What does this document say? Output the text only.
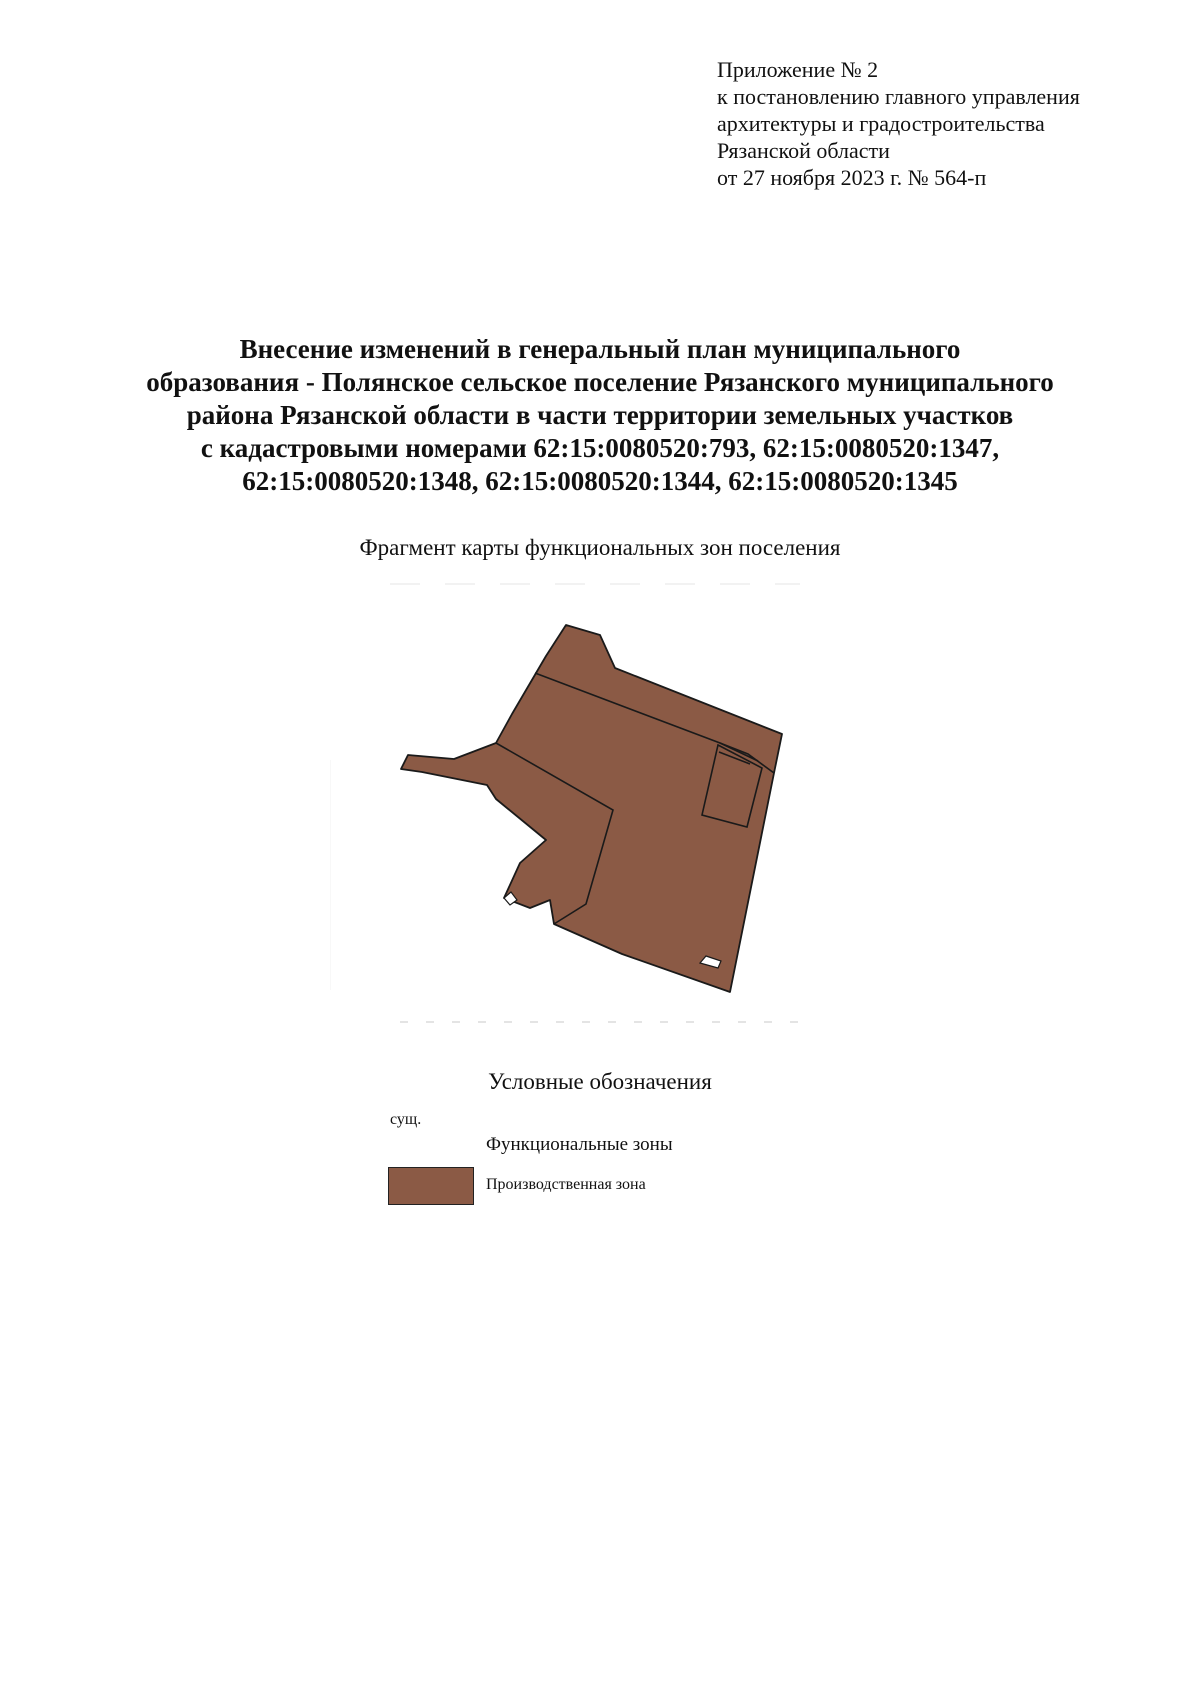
Приложение № 2
к постановлению главного управления
архитектуры и градостроительства
Рязанской области
от 27 ноября 2023 г. № 564-п
Внесение изменений в генеральный план муниципального
образования - Полянское сельское поселение Рязанского муниципального
района Рязанской области в части территории земельных участков
с кадастровыми номерами 62:15:0080520:793, 62:15:0080520:1347,
62:15:0080520:1348, 62:15:0080520:1344, 62:15:0080520:1345
Фрагмент карты функциональных зон поселения
Условные обозначения
сущ.
Функциональные зоны
Производственная зона
